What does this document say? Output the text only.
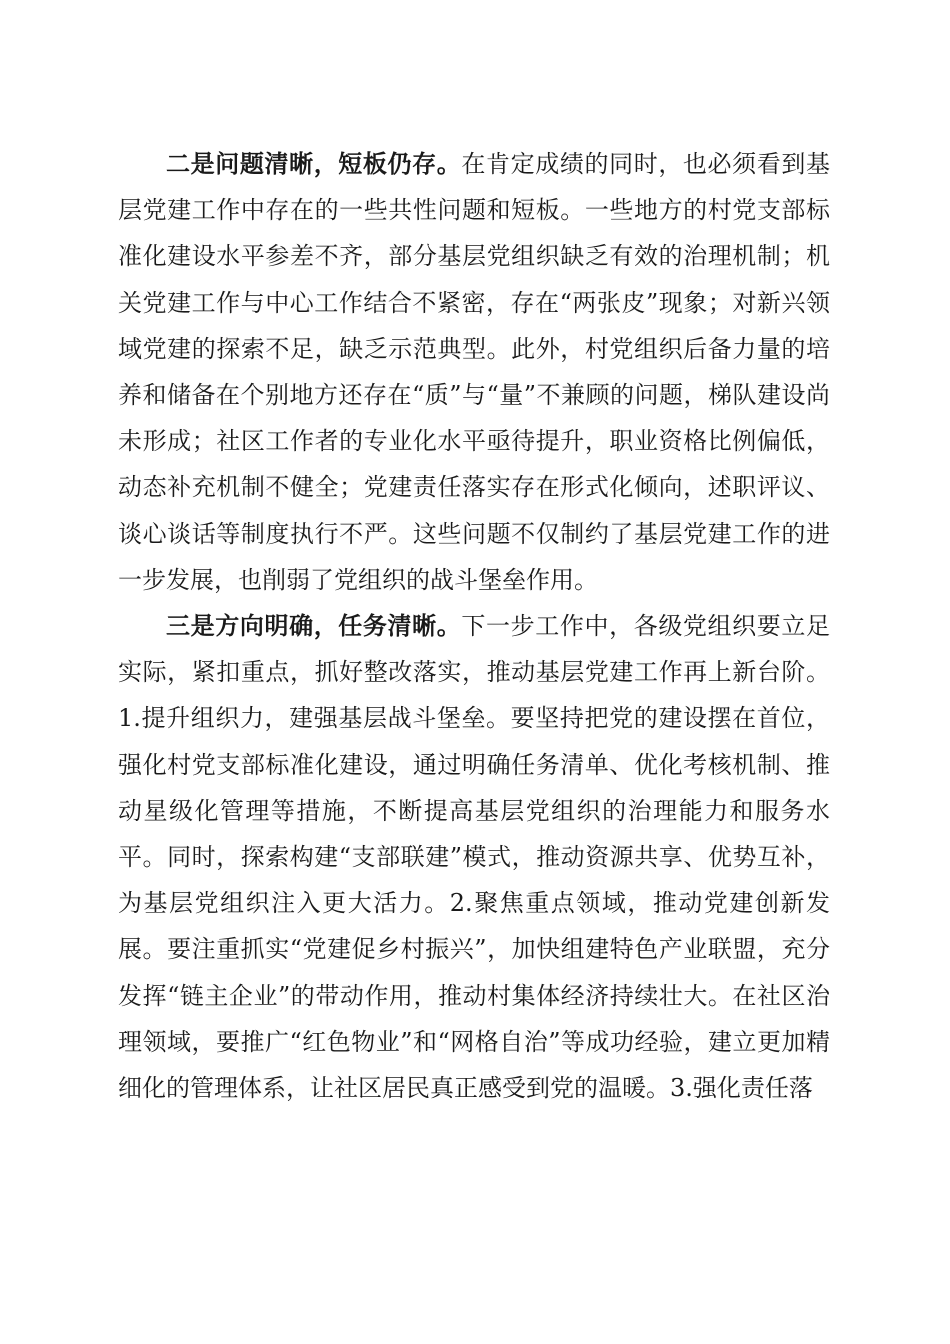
二是问题清晰，短板仍存。在肯定成绩的同时，也必须看到基层党建工作中存在的一些共性问题和短板。一些地方的村党支部标准化建设水平参差不齐，部分基层党组织缺乏有效的治理机制；机关党建工作与中心工作结合不紧密，存在“两张皮”现象；对新兴领域党建的探索不足，缺乏示范典型。此外，村党组织后备力量的培养和储备在个别地方还存在“质”与“量”不兼顾的问题，梯队建设尚未形成；社区工作者的专业化水平亟待提升，职业资格比例偏低，动态补充机制不健全；党建责任落实存在形式化倾向，述职评议、谈心谈话等制度执行不严。这些问题不仅制约了基层党建工作的进一步发展，也削弱了党组织的战斗堡垒作用。

三是方向明确，任务清晰。下一步工作中，各级党组织要立足实际，紧扣重点，抓好整改落实，推动基层党建工作再上新台阶。1.提升组织力，建强基层战斗堡垒。要坚持把党的建设摆在首位，强化村党支部标准化建设，通过明确任务清单、优化考核机制、推动星级化管理等措施，不断提高基层党组织的治理能力和服务水平。同时，探索构建“支部联建”模式，推动资源共享、优势互补，为基层党组织注入更大活力。2.聚焦重点领域，推动党建创新发展。要注重抓实“党建促乡村振兴”，加快组建特色产业联盟，充分发挥“链主企业”的带动作用，推动村集体经济持续壮大。在社区治理领域，要推广“红色物业”和“网格自治”等成功经验，建立更加精细化的管理体系，让社区居民真正感受到党的温暖。3.强化责任落
